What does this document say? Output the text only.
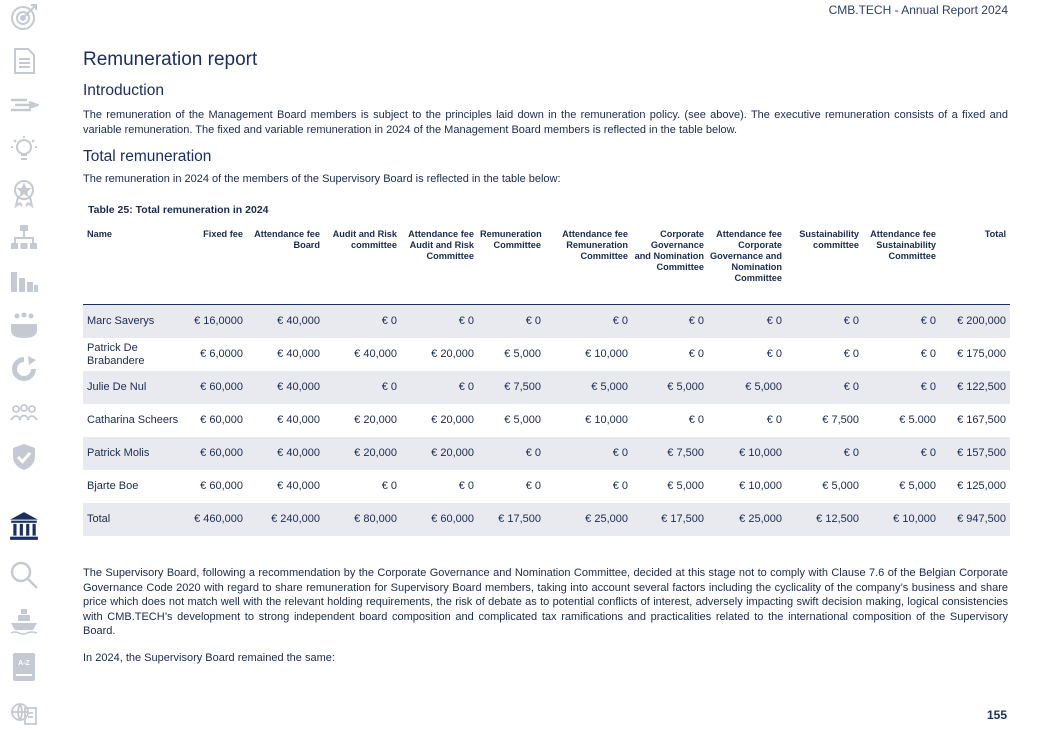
A-Z
CMB.TECH - Annual Report 2024
Remuneration report
Introduction

The remuneration of the Management Board members is subject to the principles laid down in the remuneration policy. (see above). The executive remuneration consists of a fixed and variable remuneration. The fixed and variable remuneration in 2024 of the Management Board members is reflected in the table below.

Total remuneration

The remuneration in 2024 of the members of the Supervisory Board is reflected in the table below:

Table 25: Total remuneration in 2024
Name	Fixed fee	Attendance fee Board	Audit and Risk committee	Attendance fee Audit and Risk Committee	Remuneration Committee	Attendance fee Remuneration Committee	Corporate Governance and Nomination Committee	Attendance fee Corporate Governance and Nomination Committee	Sustainability committee	Attendance fee Sustainability Committee	Total
Marc Saverys	€ 16,0000	€ 40,000	€ 0	€ 0	€ 0	€ 0	€ 0	€ 0	€ 0	€ 0	€ 200,000
Patrick De Brabandere	€ 6,0000	€ 40,000	€ 40,000	€ 20,000	€ 5,000	€ 10,000	€ 0	€ 0	€ 0	€ 0	€ 175,000
Julie De Nul	€ 60,000	€ 40,000	€ 0	€ 0	€ 7,500	€ 5,000	€ 5,000	€ 5,000	€ 0	€ 0	€ 122,500
Catharina Scheers	€ 60,000	€ 40,000	€ 20,000	€ 20,000	€ 5,000	€ 10,000	€ 0	€ 0	€ 7,500	€ 5.000	€ 167,500
Patrick Molis	€ 60,000	€ 40,000	€ 20,000	€ 20,000	€ 0	€ 0	€ 7,500	€ 10,000	€ 0	€ 0	€ 157,500
Bjarte Boe	€ 60,000	€ 40,000	€ 0	€ 0	€ 0	€ 0	€ 5,000	€ 10,000	€ 5,000	€ 5,000	€ 125,000
Total	€ 460,000	€ 240,000	€ 80,000	€ 60,000	€ 17,500	€ 25,000	€ 17,500	€ 25,000	€ 12,500	€ 10,000	€ 947,500

The Supervisory Board, following a recommendation by the Corporate Governance and Nomination Committee, decided at this stage not to comply with Clause 7.6 of the Belgian Corporate Governance Code 2020 with regard to share remuneration for Supervisory Board members, taking into account several factors including the cyclicality of the company’s business and share price which does not match well with the relevant holding requirements, the risk of debate as to potential conflicts of interest, adversely impacting swift decision making, logical consistencies with CMB.TECH’s development to strong independent board composition and complicated tax ramifications and practicalities related to the international composition of the Supervisory Board.

In 2024, the Supervisory Board remained the same:

155
